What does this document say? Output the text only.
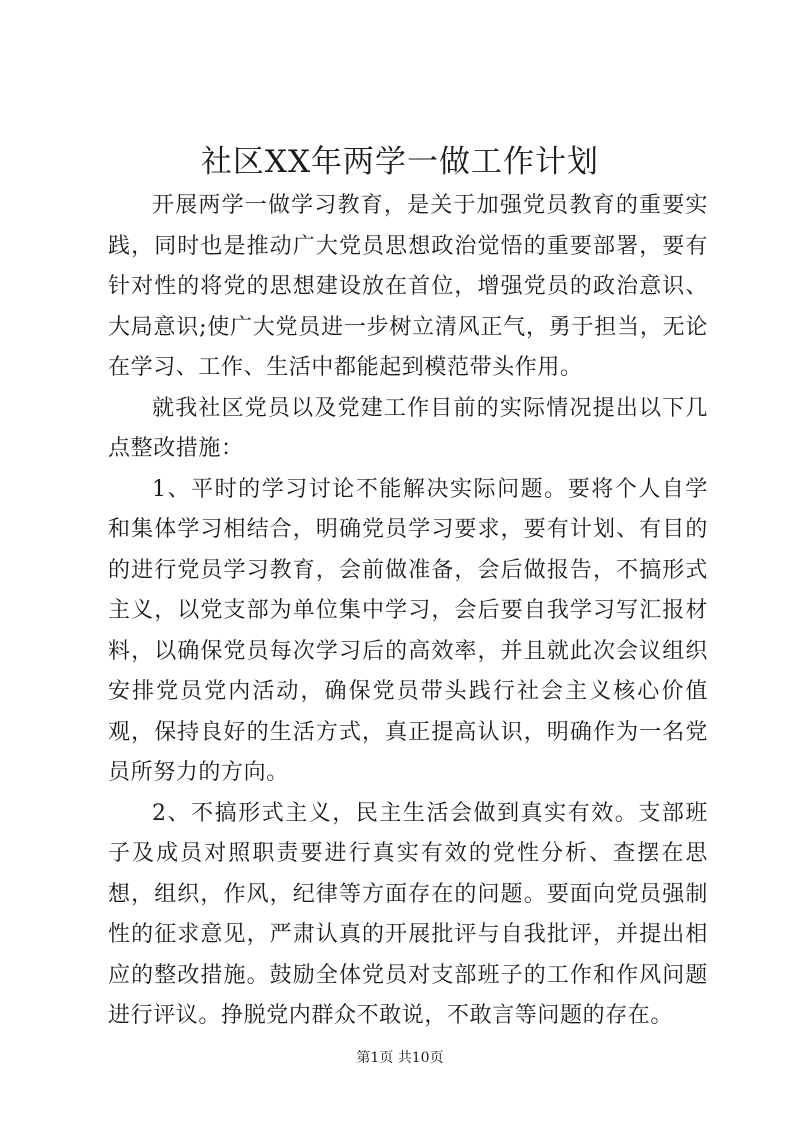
社区XX年两学一做工作计划

开展两学一做学习教育，是关于加强党员教育的重要实践，同时也是推动广大党员思想政治觉悟的重要部署，要有针对性的将党的思想建设放在首位，增强党员的政治意识、大局意识;使广大党员进一步树立清风正气，勇于担当，无论在学习、工作、生活中都能起到模范带头作用。

就我社区党员以及党建工作目前的实际情况提出以下几点整改措施：

1、平时的学习讨论不能解决实际问题。要将个人自学和集体学习相结合，明确党员学习要求，要有计划、有目的的进行党员学习教育，会前做准备，会后做报告，不搞形式主义，以党支部为单位集中学习，会后要自我学习写汇报材料，以确保党员每次学习后的高效率，并且就此次会议组织安排党员党内活动，确保党员带头践行社会主义核心价值观，保持良好的生活方式，真正提高认识，明确作为一名党员所努力的方向。

2、不搞形式主义，民主生活会做到真实有效。支部班子及成员对照职责要进行真实有效的党性分析、查摆在思想，组织，作风，纪律等方面存在的问题。要面向党员强制性的征求意见，严肃认真的开展批评与自我批评，并提出相应的整改措施。鼓励全体党员对支部班子的工作和作风问题进行评议。挣脱党内群众不敢说，不敢言等问题的存在。

第1页 共10页
